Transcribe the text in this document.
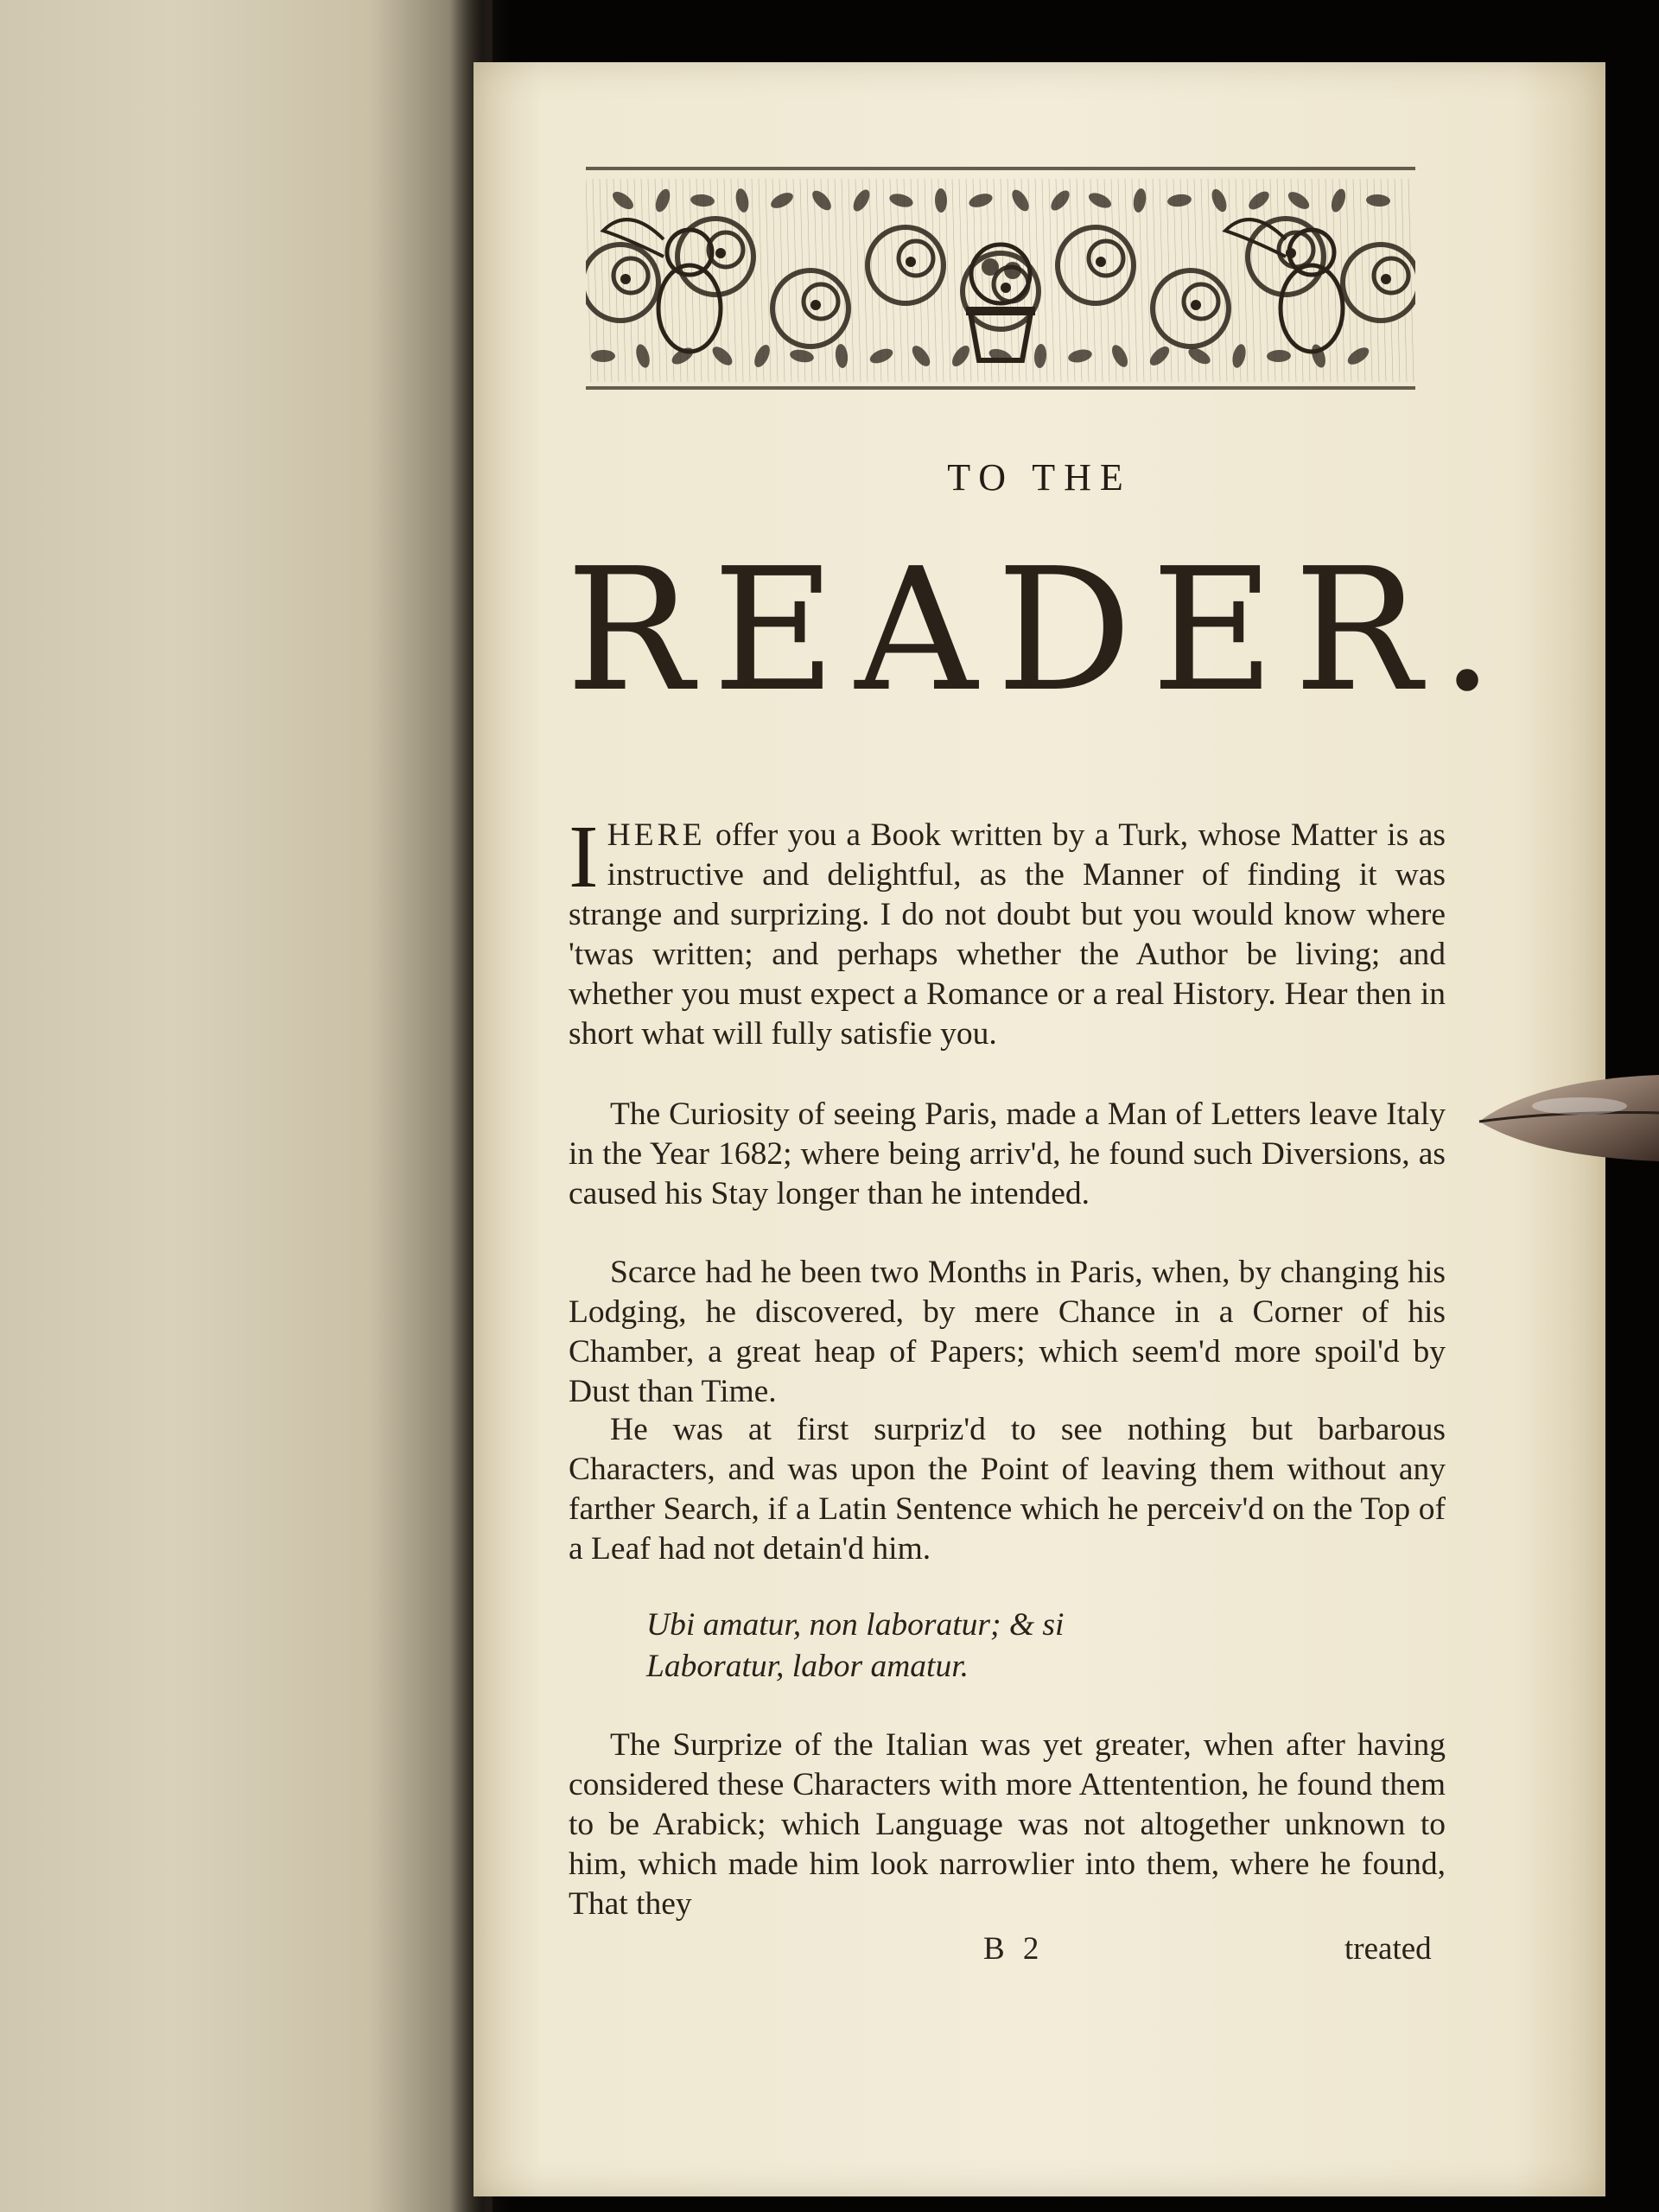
TO THE
READER.
IHERE offer you a Book written by a Turk, whose Matter is as instructive and delightful, as the Manner of finding it was strange and surprizing. I do not doubt but you would know where 'twas written; and perhaps whether the Author be living; and whether you must expect a Romance or a real History. Hear then in short what will fully satisfie you.
The Curiosity of seeing Paris, made a Man of Letters leave Italy in the Year 1682; where being arriv'd, he found such Diversions, as caused his Stay longer than he intended.
Scarce had he been two Months in Paris, when, by changing his Lodging, he discovered, by mere Chance in a Corner of his Chamber, a great heap of Papers; which seem'd more spoil'd by Dust than Time.
He was at first surpriz'd to see nothing but barbarous Characters, and was upon the Point of leaving them without any farther Search, if a Latin Sentence which he perceiv'd on the Top of a Leaf had not detain'd him.
Ubi amatur, non laboratur; & si
Laboratur, labor amatur.
The Surprize of the Italian was yet greater, when after having considered these Characters with more Attentention, he found them to be Arabick; which Language was not altogether unknown to him, which made him look narrowlier into them, where he found, That they
B 2	treated
